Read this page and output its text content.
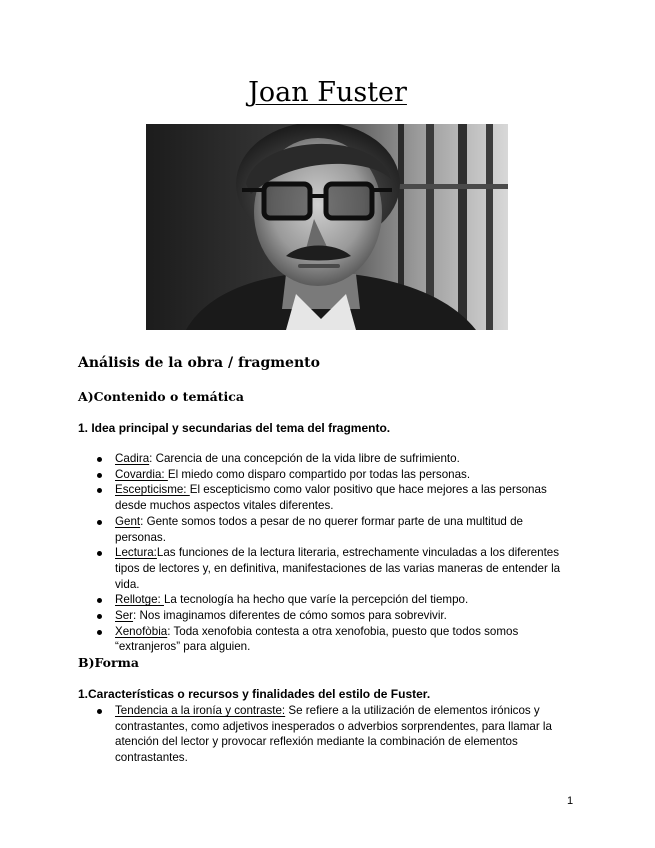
Joan Fuster
Análisis de la obra / fragmento
A)Contenido o temática
1. Idea principal y secundarias del tema del fragmento.
Cadira: Carencia de una concepción de la vida libre de sufrimiento.
Covardia: El miedo como disparo compartido por todas las personas.
Escepticisme: El escepticismo como valor positivo que hace mejores a las personas desde muchos aspectos vitales diferentes.
Gent: Gente somos todos a pesar de no querer formar parte de una multitud de personas.
Lectura:Las funciones de la lectura literaria, estrechamente vinculadas a los diferentes tipos de lectores y, en definitiva, manifestaciones de las varias maneras de entender la vida.
Rellotge: La tecnología ha hecho que varíe la percepción del tiempo.
Ser: Nos imaginamos diferentes de cómo somos para sobrevivir.
Xenofòbia: Toda xenofobia contesta a otra xenofobia, puesto que todos somos “extranjeros” para alguien.
B)Forma
1.Características o recursos y finalidades del estilo de Fuster.
Tendencia a la ironía y contraste: Se refiere a la utilización de elementos irónicos y contrastantes, como adjetivos inesperados o adverbios sorprendentes, para llamar la atención del lector y provocar reflexión mediante la combinación de elementos contrastantes.
1
